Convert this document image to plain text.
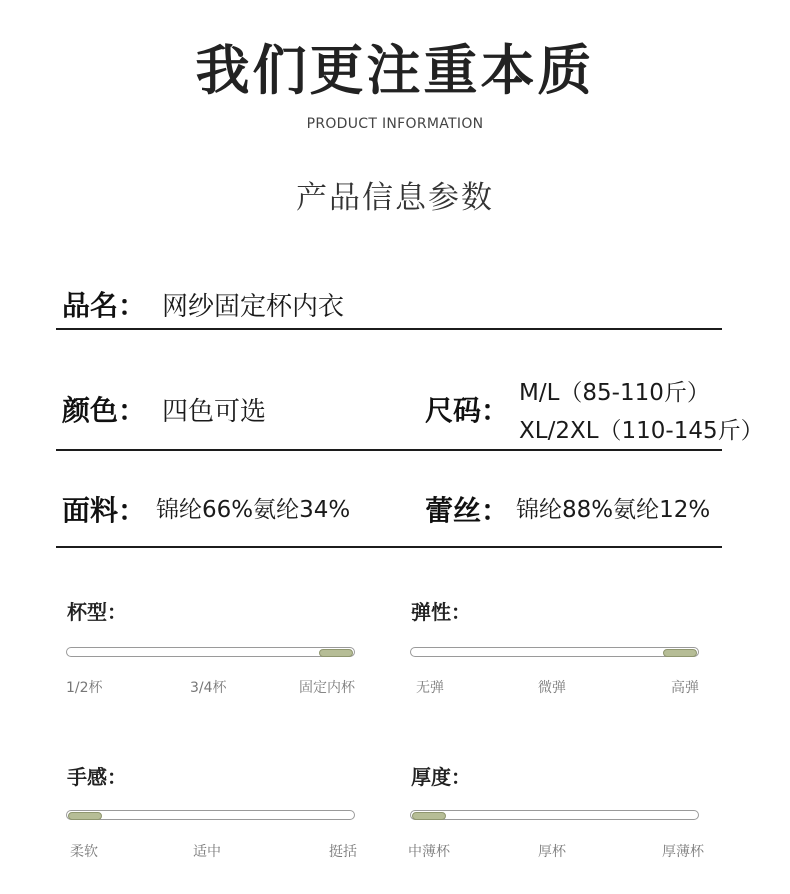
我们更注重本质
PRODUCT INFORMATION
产品信息参数
品名： 网纱固定杯内衣
颜色： 四色可选	尺码：
M/L（85-110斤）
XL/2XL（110-145斤）
面料： 锦纶66%氨纶34%	蕾丝： 锦纶88%氨纶12%
杯型：
1/2杯	3/4杯	固定内杯
弹性：
无弹	微弹	高弹
手感：
柔软	适中	挺括
厚度：
中薄杯	厚杯	厚薄杯
